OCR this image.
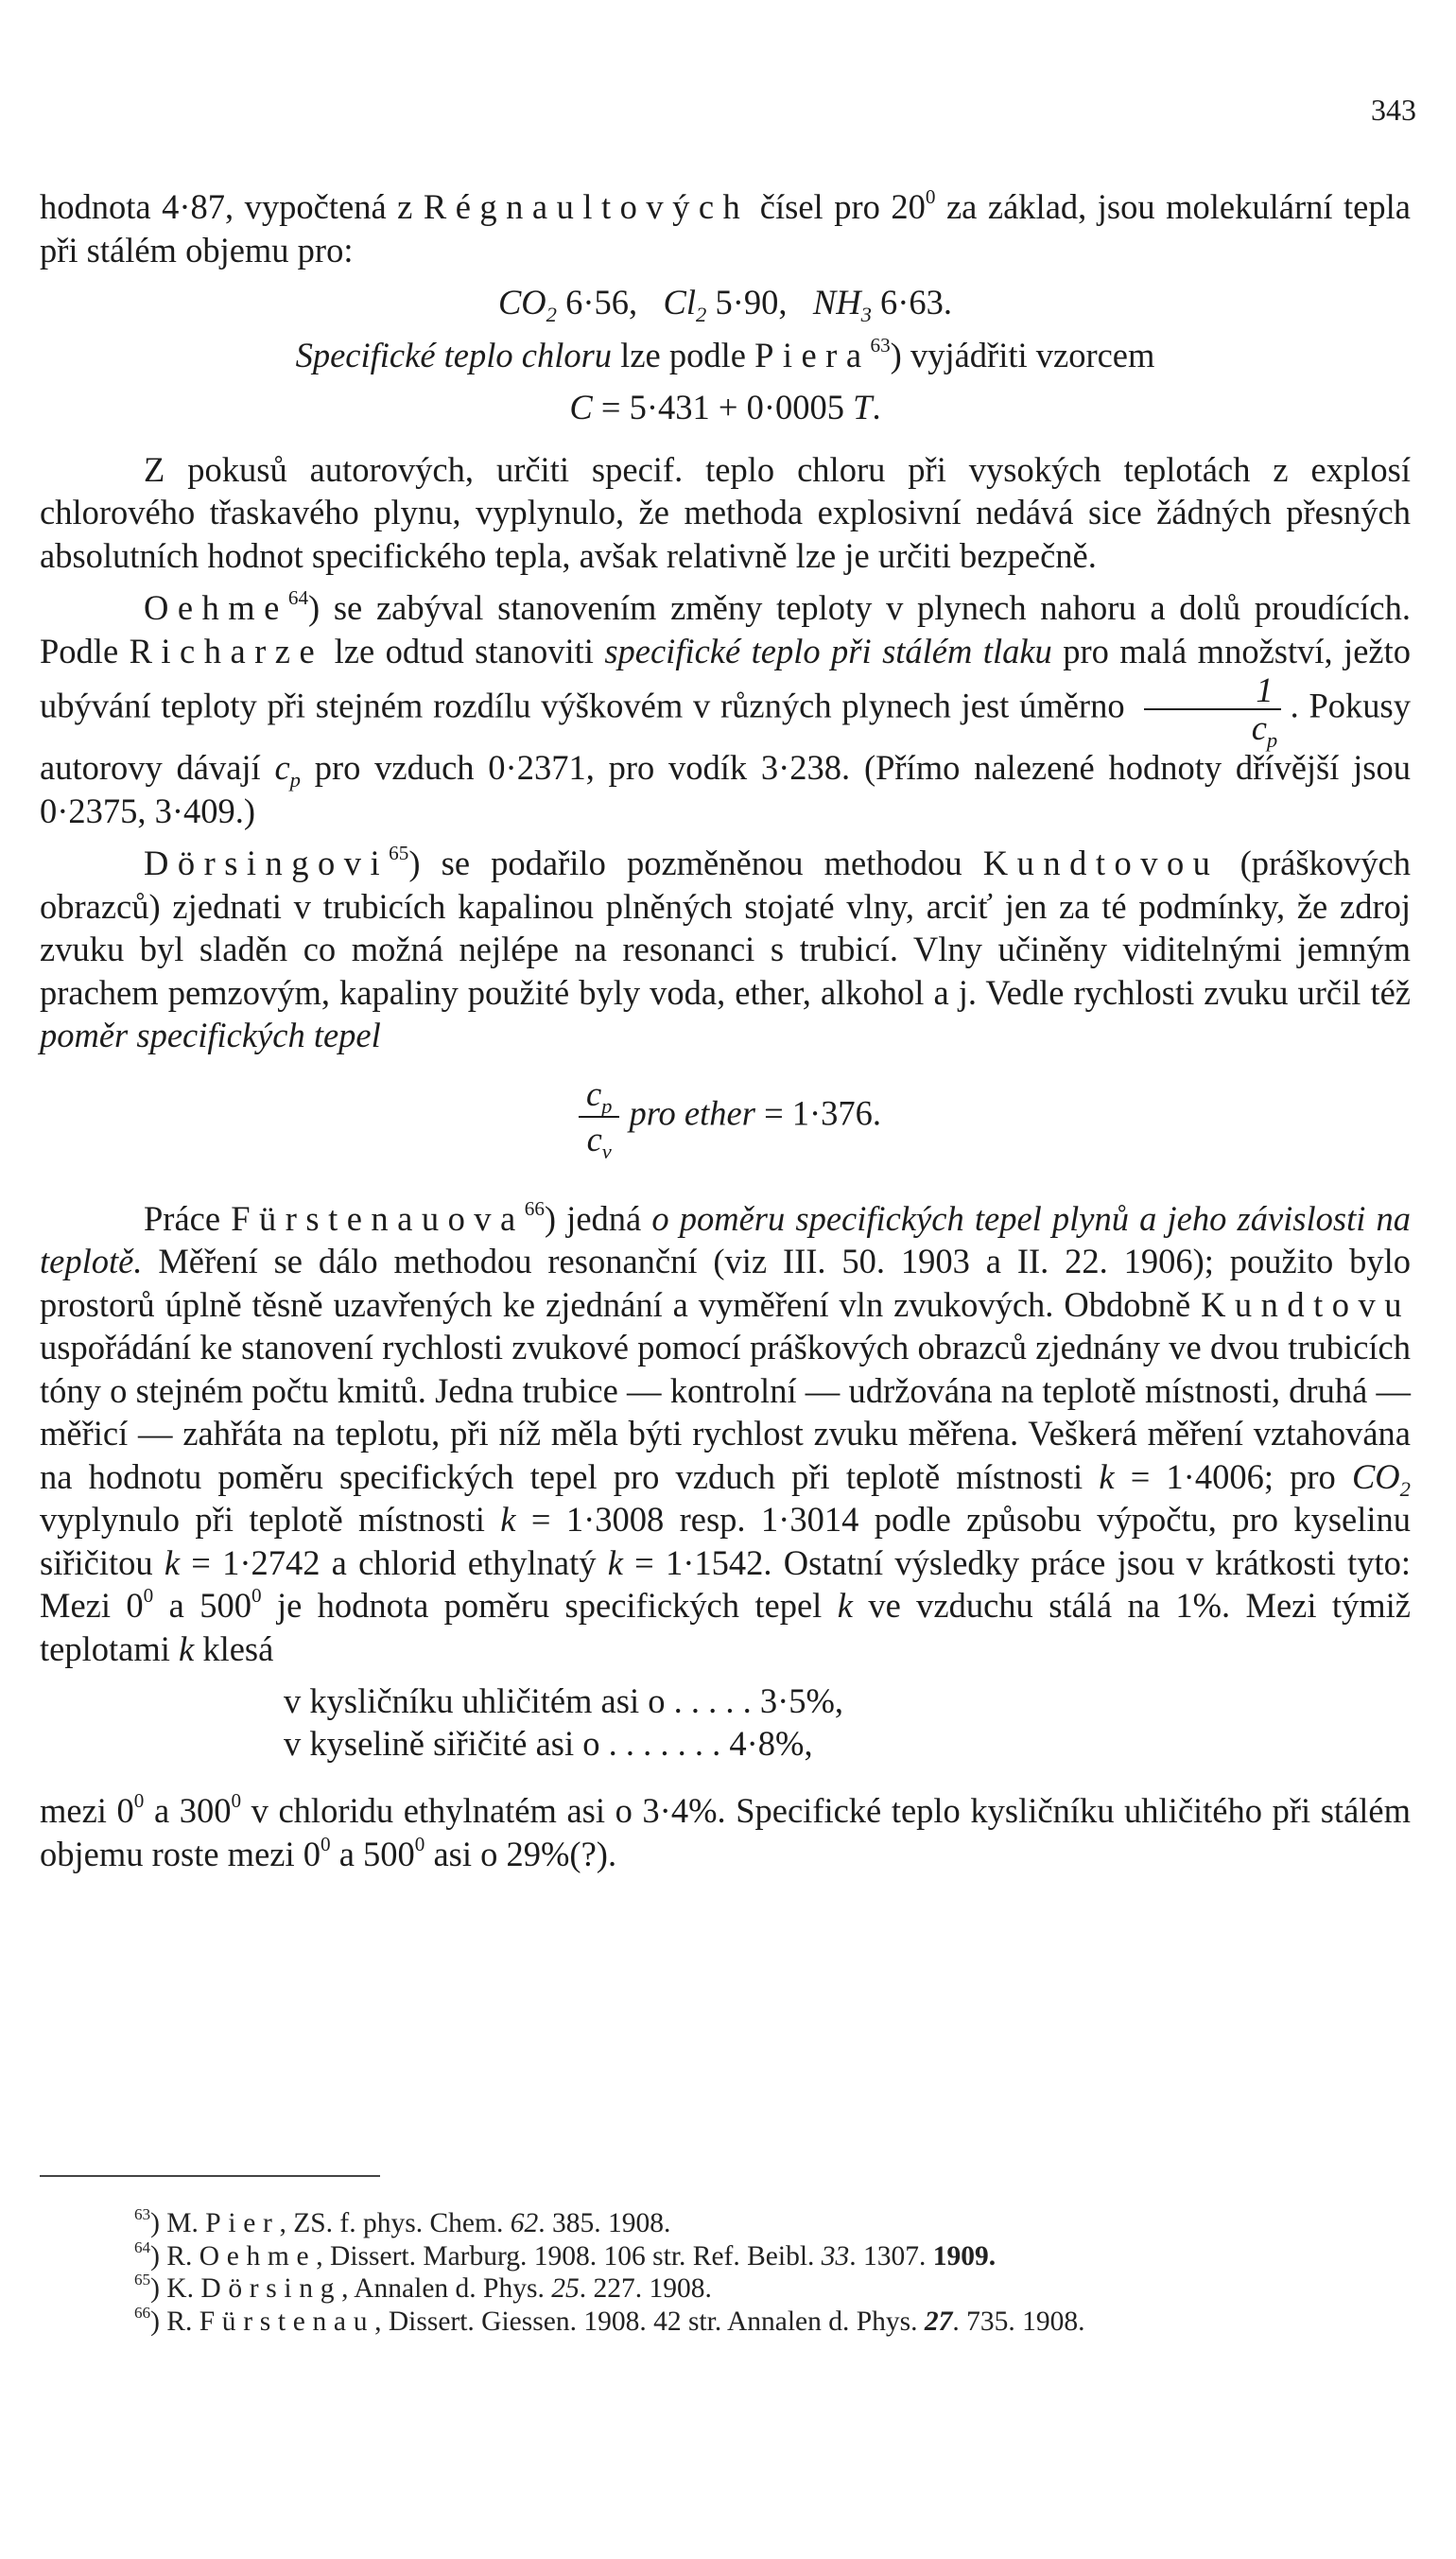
343

hodnota 4·87, vypočtená z Régnaultových čísel pro $20^0$ za základ, jsou molekulární tepla při stálém objemu pro:

$CO_2$ 6·56, $Cl_2$ 5·90, $NH_3$ 6·63.

Specifické teplo chloru lze podle Piera$^{63}$) vyjádřiti vzorcem

C = 5·431 + 0·0005 T.

Z pokusů autorových, určiti specif. teplo chloru při vysokých teplotách z explosí chlorového třaskavého plynu, vyplynulo, že methoda explosivní nedává sice žádných přesných absolutních hodnot specifického tepla, avšak relativně lze je určiti bezpečně.

Oehme$^{64}$) se zabýval stanovením změny teploty v plynech nahoru a dolů proudících. Podle Richarze lze odtud stanoviti specifické teplo při stálém tlaku pro malá množství, ježto ubývání teploty při stejném rozdílu výškovém v různých plynech jest úměrno $\frac{1}{c_p}$ . Pokusy autorovy dávají $c_p$ pro vzduch 0·2371, pro vodík 3·238. (Přímo nalezené hodnoty dřívější jsou 0·2375, 3·409.)

Dörsingovi$^{65}$) se podařilo pozměněnou methodou Kundtovou (práškových obrazců) zjednati v trubicích kapalinou plněných stojaté vlny, arciť jen za té podmínky, že zdroj zvuku byl sladěn co možná nejlépe na resonanci s trubicí. Vlny učiněny viditelnými jemným prachem pemzovým, kapaliny použité byly voda, ether, alkohol a j. Vedle rychlosti zvuku určil též poměr specifických tepel

$\frac{c_p}{c_v}$ pro ether = 1·376.

Práce Fürstenauova$^{66}$) jedná o poměru specifických tepel plynů a jeho závislosti na teplotě. Měření se dálo methodou resonanční (viz III. 50. 1903 a II. 22. 1906); použito bylo prostorů úplně těsně uzavřených ke zjednání a vyměření vln zvukových. Obdobně Kundtovu uspořádání ke stanovení rychlosti zvukové pomocí práškových obrazců zjednány ve dvou trubicích tóny o stejném počtu kmitů. Jedna trubice — kontrolní — udržována na teplotě místnosti, druhá — měřicí — zahřáta na teplotu, při níž měla býti rychlost zvuku měřena. Veškerá měření vztahována na hodnotu poměru specifických tepel pro vzduch při teplotě místnosti k = 1·4006; pro $CO_2$ vyplynulo při teplotě místnosti k = 1·3008 resp. 1·3014 podle způsobu výpočtu, pro kyselinu siřičitou k = 1·2742 a chlorid ethylnatý k = 1·1542. Ostatní výsledky práce jsou v krátkosti tyto: Mezi $0^0$ a $500^0$ je hodnota poměru specifických tepel k ve vzduchu stálá na 1%. Mezi týmiž teplotami k klesá

v kysličníku uhličitém asi o . . . . . 3·5%,
v kyselině siřičité asi o . . . . . . . 4·8%,

mezi $0^0$ a $300^0$ v chloridu ethylnatém asi o 3·4%. Specifické teplo kysličníku uhličitého při stálém objemu roste mezi $0^0$ a $500^0$ asi o 29%(?).

$^{63}$) M. Pier, ZS. f. phys. Chem. 62. 385. 1908.
$^{64}$) R. Oehme, Dissert. Marburg. 1908. 106 str. Ref. Beibl. 33. 1307. 1909.
$^{65}$) K. Dörsing, Annalen d. Phys. 25. 227. 1908.
$^{66}$) R. Fürstenau, Dissert. Giessen. 1908. 42 str. Annalen d. Phys. 27. 735. 1908.
